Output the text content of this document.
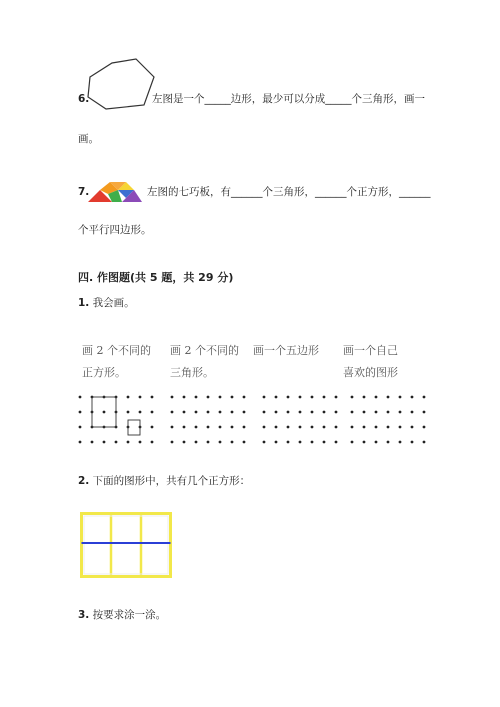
6.	左图是一个_____边形，最少可以分成_____个三角形，画一
画。
7.	左图的七巧板，有______个三角形，______个正方形，______
个平行四边形。
四. 作图题(共 5 题，共 29 分)
1. 我会画。
画 2 个不同的
正方形。
画 2 个不同的
三角形。
画一个五边形 画一个自己
喜欢的图形
2. 下面的图形中，共有几个正方形：
3. 按要求涂一涂。
